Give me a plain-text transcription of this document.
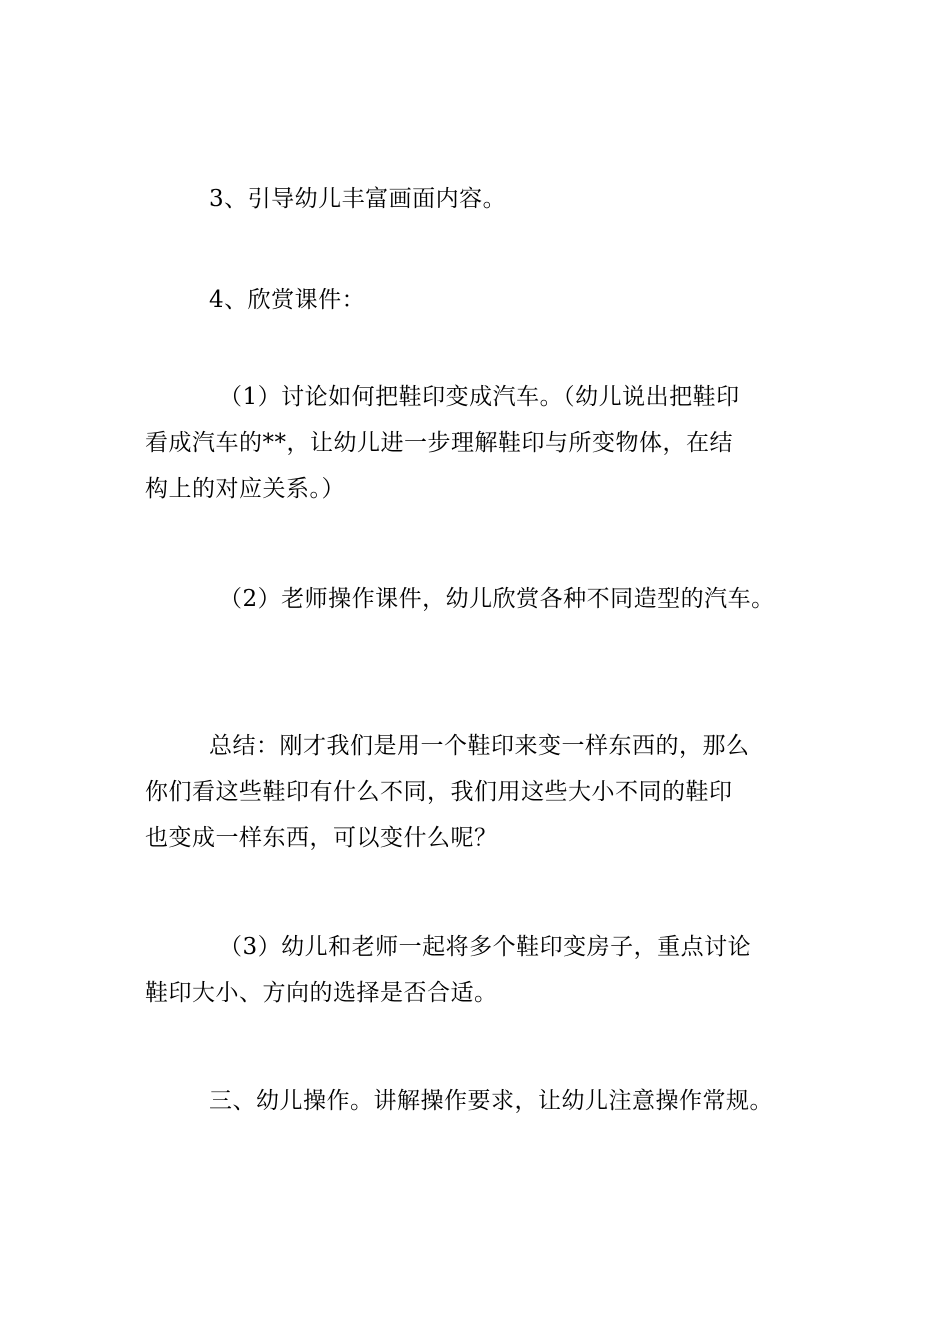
3、引导幼儿丰富画面内容。

4、欣赏课件：

（1）讨论如何把鞋印变成汽车。（幼儿说出把鞋印
看成汽车的**，让幼儿进一步理解鞋印与所变物体，在结
构上的对应关系。）

（2）老师操作课件，幼儿欣赏各种不同造型的汽车。

总结：刚才我们是用一个鞋印来变一样东西的，那么
你们看这些鞋印有什么不同，我们用这些大小不同的鞋印
也变成一样东西，可以变什么呢？

（3）幼儿和老师一起将多个鞋印变房子，重点讨论
鞋印大小、方向的选择是否合适。

三、幼儿操作。讲解操作要求，让幼儿注意操作常规。
